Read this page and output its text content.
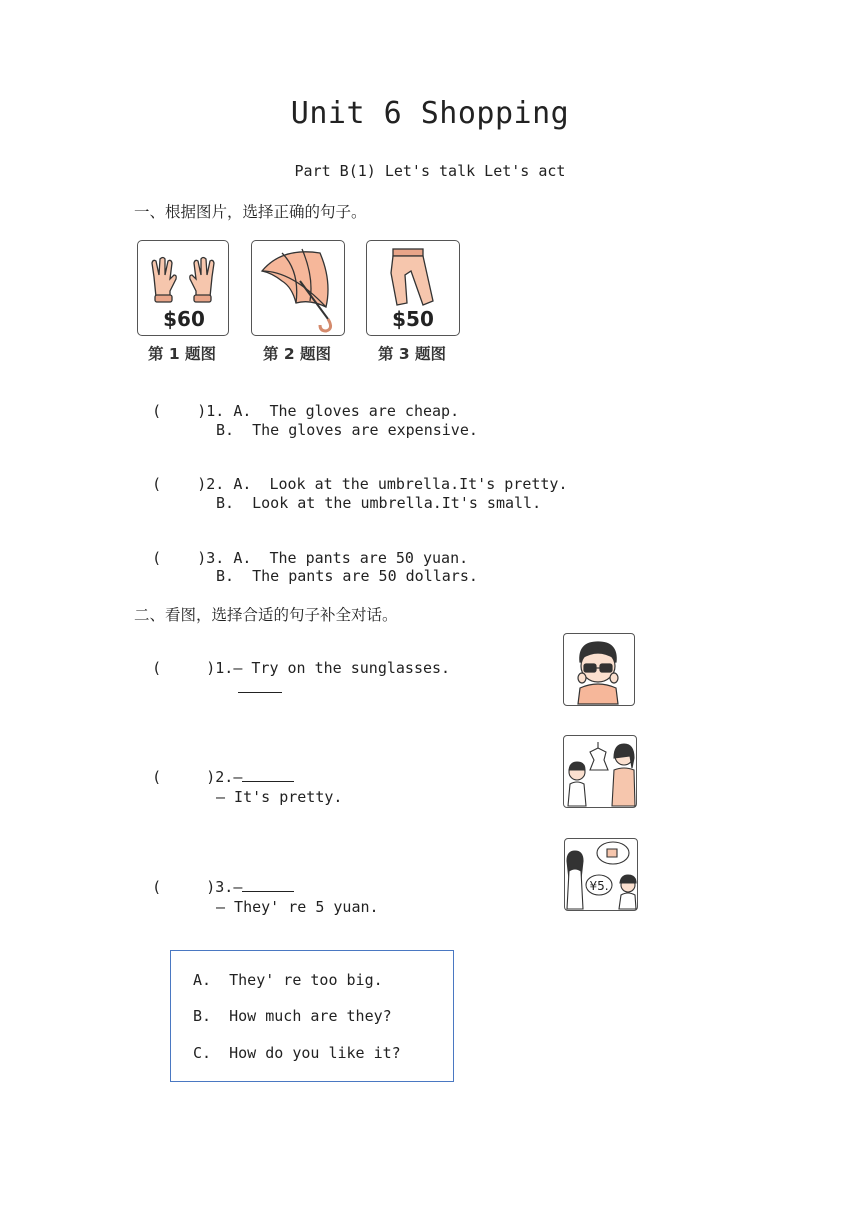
Unit 6 Shopping
Part B(1) Let's talk Let's act
一、根据图片，选择正确的句子。
$60
第 1 题图	第 2 题图
$50
第 3 题图

(    )1. A.  The gloves are cheap.

B.  The gloves are expensive.

(    )2. A.  Look at the umbrella.It's pretty.

B.  Look at the umbrella.It's small.

(    )3. A.  The pants are 50 yuan.

B.  The pants are 50 dollars.
二、看图，选择合适的句子补全对话。

(     )1.— Try on the sunglasses.

(     )2.—

— It's pretty.

(     )3.—

— They' re 5 yuan.
¥5.
A.  They' re too big.
B.  How much are they?
C.  How do you like it?
